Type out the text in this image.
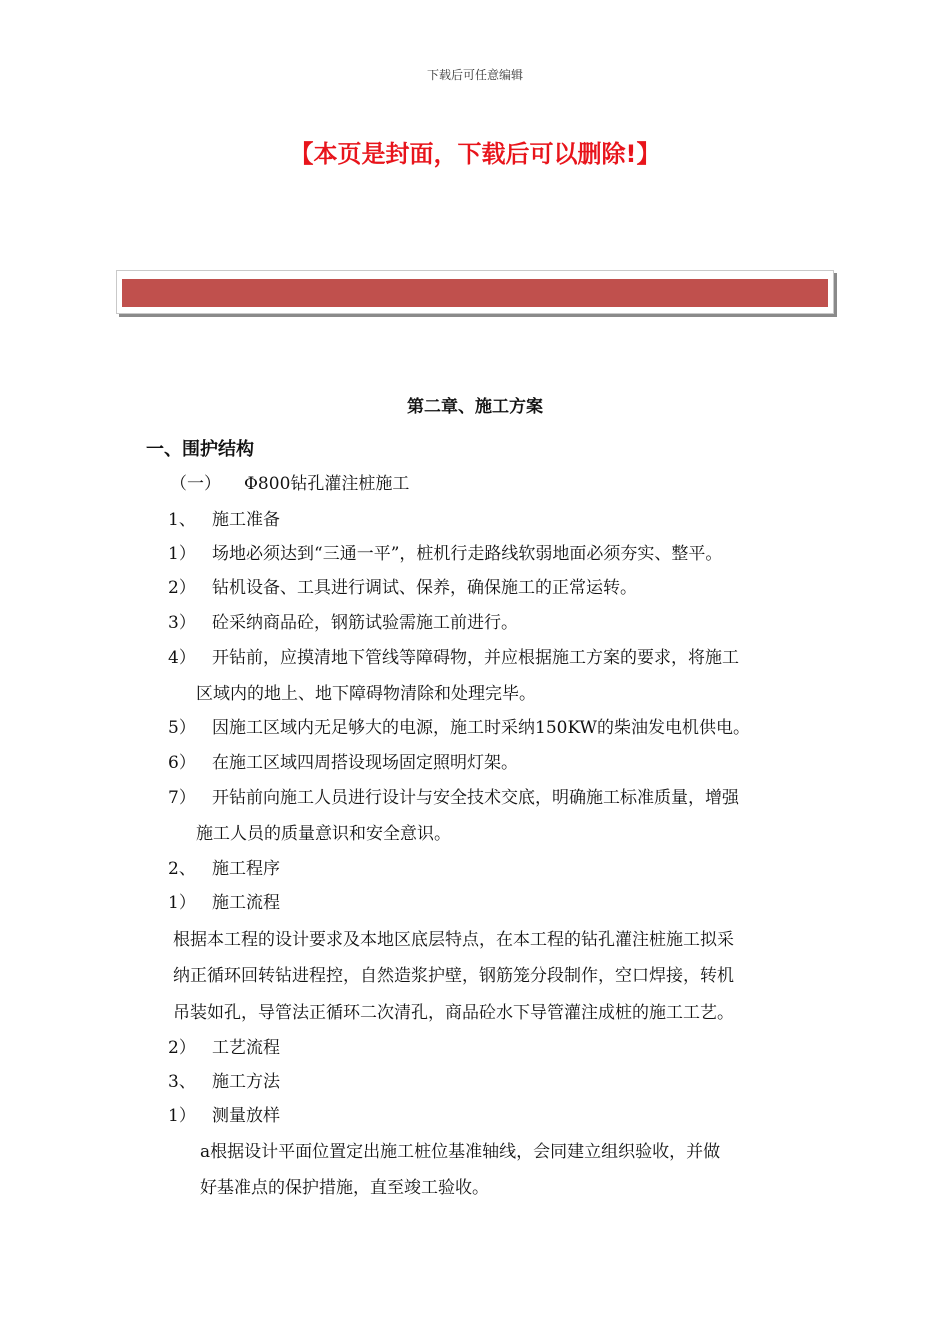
下载后可任意编辑
【本页是封面，下载后可以删除!】
第二章、施工方案
一、围护结构
（一） Φ800钻孔灌注桩施工
1、 施工准备
1） 场地必须达到“三通一平”，桩机行走路线软弱地面必须夯实、整平。
2） 钻机设备、工具进行调试、保养，确保施工的正常运转。
3） 砼采纳商品砼，钢筋试验需施工前进行。
4） 开钻前，应摸清地下管线等障碍物，并应根据施工方案的要求，将施工
区域内的地上、地下障碍物清除和处理完毕。
5） 因施工区域内无足够大的电源，施工时采纳150KW的柴油发电机供电。
6） 在施工区域四周搭设现场固定照明灯架。
7） 开钻前向施工人员进行设计与安全技术交底，明确施工标准质量，增强
施工人员的质量意识和安全意识。
2、 施工程序
1） 施工流程
根据本工程的设计要求及本地区底层特点，在本工程的钻孔灌注桩施工拟采
纳正循环回转钻进程控，自然造浆护壁，钢筋笼分段制作，空口焊接，转机
吊装如孔，导管法正循环二次清孔，商品砼水下导管灌注成桩的施工工艺。
2） 工艺流程
3、 施工方法
1） 测量放样
a根据设计平面位置定出施工桩位基准轴线，会同建立组织验收，并做
好基准点的保护措施，直至竣工验收。
